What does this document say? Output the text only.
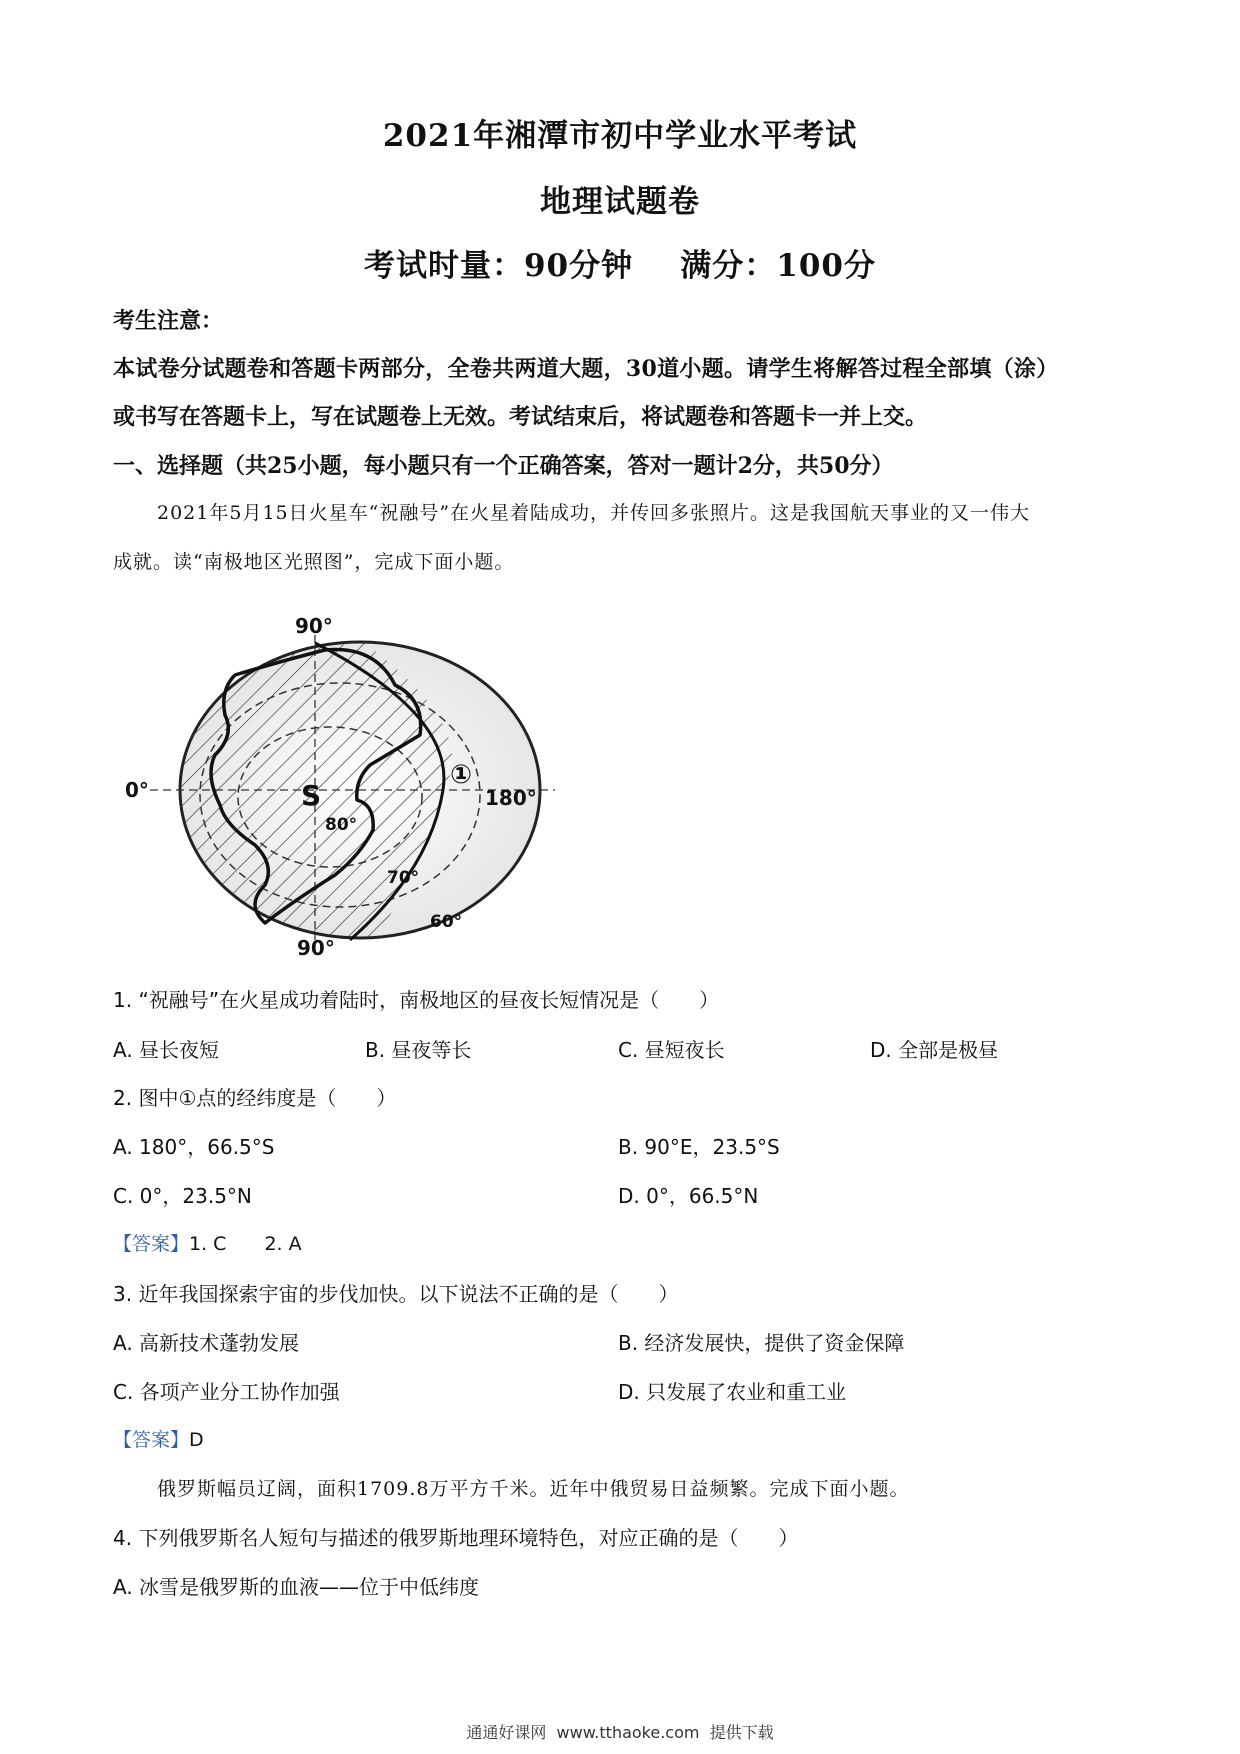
2021年湘潭市初中学业水平考试
地理试题卷
考试时量：90分钟    满分：100分
考生注意：
本试卷分试题卷和答题卡两部分，全卷共两道大题，30道小题。请学生将解答过程全部填（涂）
或书写在答题卡上，写在试题卷上无效。考试结束后，将试题卷和答题卡一并上交。
一、选择题（共25小题，每小题只有一个正确答案，答对一题计2分，共50分）
2021年5月15日火星车“祝融号”在火星着陆成功，并传回多张照片。这是我国航天事业的又一伟大
成就。读“南极地区光照图”，完成下面小题。
90°
0°	180°
90°
S
①
80°
70°
60°
1. “祝融号”在火星成功着陆时，南极地区的昼夜长短情况是（　　）
A. 昼长夜短	B. 昼夜等长	C. 昼短夜长	D. 全部是极昼
2. 图中①点的经纬度是（　　）
A. 180°，66.5°S	B. 90°E，23.5°S
C. 0°，23.5°N	D. 0°，66.5°N
【答案】1. C　　2. A
3. 近年我国探索宇宙的步伐加快。以下说法不正确的是（　　）
A. 高新技术蓬勃发展	B. 经济发展快，提供了资金保障
C. 各项产业分工协作加强	D. 只发展了农业和重工业
【答案】D
俄罗斯幅员辽阔，面积1709.8万平方千米。近年中俄贸易日益频繁。完成下面小题。
4. 下列俄罗斯名人短句与描述的俄罗斯地理环境特色，对应正确的是（　　）
A. 冰雪是俄罗斯的血液——位于中低纬度
通通好课网  www.tthaoke.com  提供下载
